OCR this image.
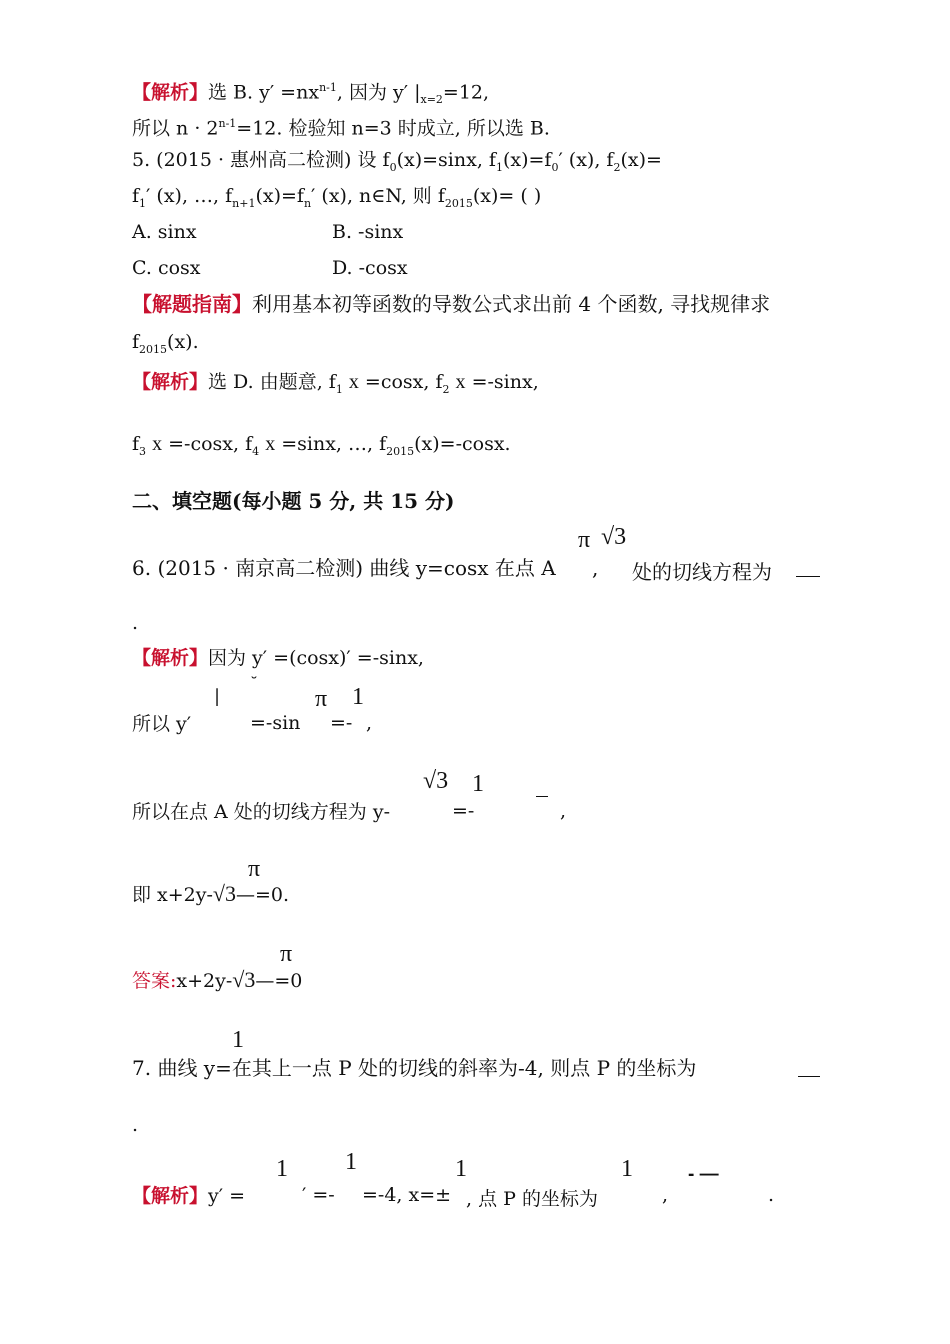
【解析】选 B. $y' =nx^{n-1}$, 因为 y′ $|_{x=2}=12$,
所以 $n \cdot 2^{n-1}=12$. 检验知 n=3 时成立, 所以选 B.
5. (2015 · 惠州高二检测) 设 $f_0(x)=\sin x$, $f_1(x)=f_0'$ (x), $f_2(x)=$
$f_1'$ (x), …, $f_{n+1}(x)=f_n'$ (x), n∈N, 则 $f_{2015}(x)=$ ( )
A. sinx	B. -sinx
C. cosx	D. -cosx
【解题指南】利用基本初等函数的导数公式求出前 4 个函数, 寻找规律求
$f_{2015}(x)$.
【解析】选 D. 由题意, $f_1$ x =cosx, $f_2$ x =-sinx,
$f_3$ x =-cosx, $f_4$ x =sinx, …, $f_{2015}(x)=$-cosx.
二、填空题(每小题 5 分, 共 15 分)
π √3
6. (2015 · 南京高二检测) 曲线 y=cosx 在点 A , 处的切线方程为
.
【解析】因为 y′ =(cosx)′ =-sinx,
|
˘
π 1
所以 y′	=-sin =- ,
√3 1
所以在点 A 处的切线方程为 y-	=-	,
π
即 x+2y-√3—=0.
π
答案:x+2y-√3—=0
1
7. 曲线 y=在其上一点 P 处的切线的斜率为-4, 则点 P 的坐标为
.
1 1	1	1
【解析】y′ =	′ =- =-4, x=± , 点 P 的坐标为	,
- —
.
